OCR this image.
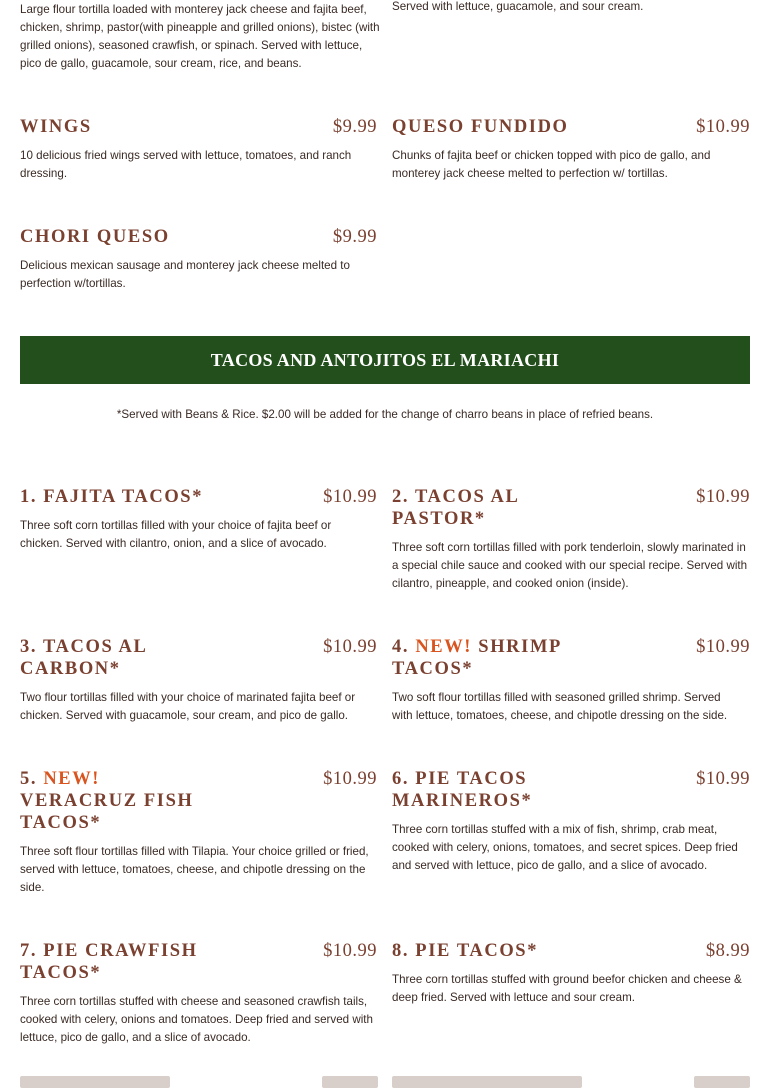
Large flour tortilla loaded with monterey jack cheese and fajita beef, chicken, shrimp, pastor(with pineapple and grilled onions), bistec (with grilled onions), seasoned crawfish, or spinach. Served with lettuce, pico de gallo, guacamole, sour cream, rice, and beans.

Served with lettuce, guacamole, and sour cream.

WINGS	$9.99

10 delicious fried wings served with lettuce, tomatoes, and ranch dressing.

QUESO FUNDIDO	$10.99

Chunks of fajita beef or chicken topped with pico de gallo, and monterey jack cheese melted to perfection w/ tortillas.

CHORI QUESO	$9.99

Delicious mexican sausage and monterey jack cheese melted to perfection w/tortillas.

TACOS AND ANTOJITOS EL MARIACHI
*Served with Beans & Rice. $2.00 will be added for the change of charro beans in place of refried beans.
1. FAJITA TACOS*	$10.99

Three soft corn tortillas filled with your choice of fajita beef or chicken. Served with cilantro, onion, and a slice of avocado.

2. TACOS AL
PASTOR*
$10.99

Three soft corn tortillas filled with pork tenderloin, slowly marinated in a special chile sauce and cooked with our special recipe. Served with cilantro, pineapple, and cooked onion (inside).

3. TACOS AL
CARBON*
$10.99

Two flour tortillas filled with your choice of marinated fajita beef or chicken. Served with guacamole, sour cream, and pico de gallo.

4. NEW! SHRIMP
TACOS*
$10.99

Two soft flour tortillas filled with seasoned grilled shrimp. Served with lettuce, tomatoes, cheese, and chipotle dressing on the side.

5. NEW!
VERACRUZ FISH
TACOS*
$10.99

Three soft flour tortillas filled with Tilapia. Your choice grilled or fried, served with lettuce, tomatoes, cheese, and chipotle dressing on the side.

6. PIE TACOS
MARINEROS*
$10.99

Three corn tortillas stuffed with a mix of fish, shrimp, crab meat, cooked with celery, onions, tomatoes, and secret spices. Deep fried and served with lettuce, pico de gallo, and a slice of avocado.

7. PIE CRAWFISH
TACOS*
$10.99

Three corn tortillas stuffed with cheese and seasoned crawfish tails, cooked with celery, onions and tomatoes. Deep fried and served with lettuce, pico de gallo, and a slice of avocado.

8. PIE TACOS*	$8.99

Three corn tortillas stuffed with ground beefor chicken and cheese & deep fried. Served with lettuce and sour cream.
